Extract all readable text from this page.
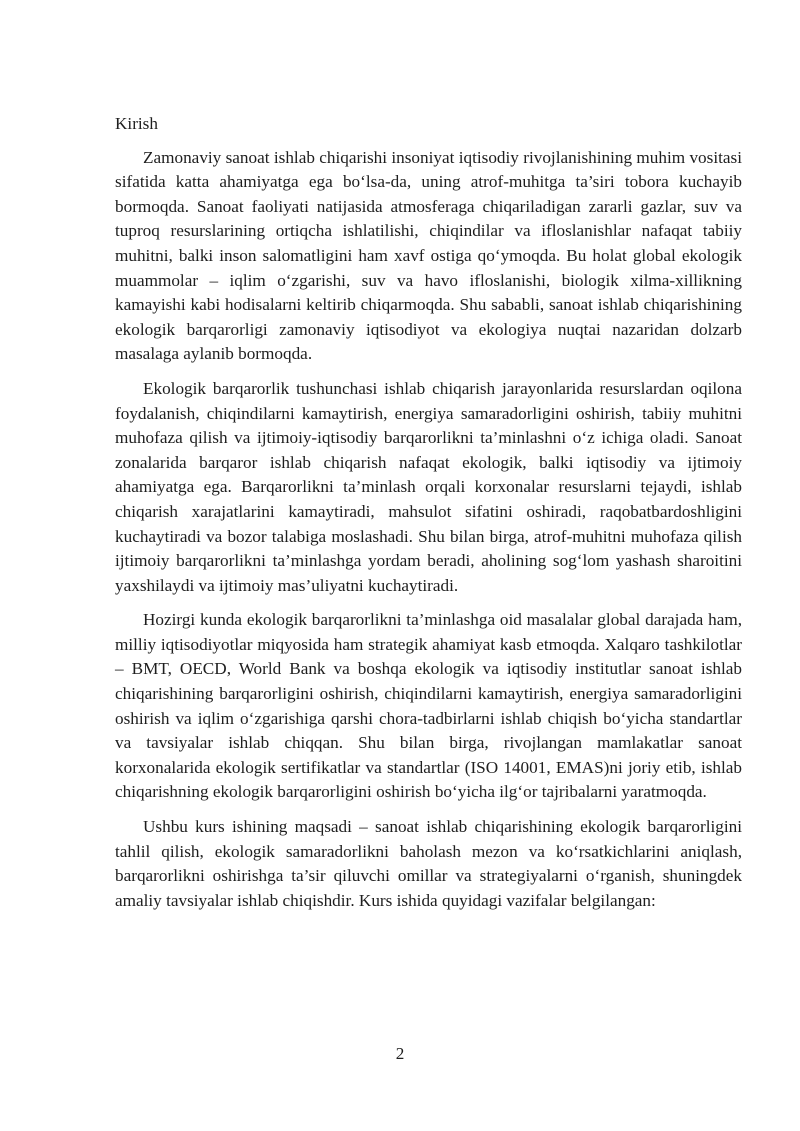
Kirish

Zamonaviy sanoat ishlab chiqarishi insoniyat iqtisodiy rivojlanishining muhim vositasi sifatida katta ahamiyatga ega bo‘lsa-da, uning atrof-muhitga ta’siri tobora kuchayib bormoqda. Sanoat faoliyati natijasida atmosferaga chiqariladigan zararli gazlar, suv va tuproq resurslarining ortiqcha ishlatilishi, chiqindilar va ifloslanishlar nafaqat tabiiy muhitni, balki inson salomatligini ham xavf ostiga qo‘ymoqda. Bu holat global ekologik muammolar – iqlim o‘zgarishi, suv va havo ifloslanishi, biologik xilma-xillikning kamayishi kabi hodisalarni keltirib chiqarmoqda. Shu sababli, sanoat ishlab chiqarishining ekologik barqarorligi zamonaviy iqtisodiyot va ekologiya nuqtai nazaridan dolzarb masalaga aylanib bormoqda.

Ekologik barqarorlik tushunchasi ishlab chiqarish jarayonlarida resurslardan oqilona foydalanish, chiqindilarni kamaytirish, energiya samaradorligini oshirish, tabiiy muhitni muhofaza qilish va ijtimoiy-iqtisodiy barqarorlikni ta’minlashni o‘z ichiga oladi. Sanoat zonalarida barqaror ishlab chiqarish nafaqat ekologik, balki iqtisodiy va ijtimoiy ahamiyatga ega. Barqarorlikni ta’minlash orqali korxonalar resurslarni tejaydi, ishlab chiqarish xarajatlarini kamaytiradi, mahsulot sifatini oshiradi, raqobatbardoshligini kuchaytiradi va bozor talabiga moslashadi. Shu bilan birga, atrof-muhitni muhofaza qilish ijtimoiy barqarorlikni ta’minlashga yordam beradi, aholining sog‘lom yashash sharoitini yaxshilaydi va ijtimoiy mas’uliyatni kuchaytiradi.

Hozirgi kunda ekologik barqarorlikni ta’minlashga oid masalalar global darajada ham, milliy iqtisodiyotlar miqyosida ham strategik ahamiyat kasb etmoqda. Xalqaro tashkilotlar – BMT, OECD, World Bank va boshqa ekologik va iqtisodiy institutlar sanoat ishlab chiqarishining barqarorligini oshirish, chiqindilarni kamaytirish, energiya samaradorligini oshirish va iqlim o‘zgarishiga qarshi chora-tadbirlarni ishlab chiqish bo‘yicha standartlar va tavsiyalar ishlab chiqqan. Shu bilan birga, rivojlangan mamlakatlar sanoat korxonalarida ekologik sertifikatlar va standartlar (ISO 14001, EMAS)ni joriy etib, ishlab chiqarishning ekologik barqarorligini oshirish bo‘yicha ilg‘or tajribalarni yaratmoqda.

Ushbu kurs ishining maqsadi – sanoat ishlab chiqarishining ekologik barqarorligini tahlil qilish, ekologik samaradorlikni baholash mezon va ko‘rsatkichlarini aniqlash, barqarorlikni oshirishga ta’sir qiluvchi omillar va strategiyalarni o‘rganish, shuningdek amaliy tavsiyalar ishlab chiqishdir. Kurs ishida quyidagi vazifalar belgilangan:

2
